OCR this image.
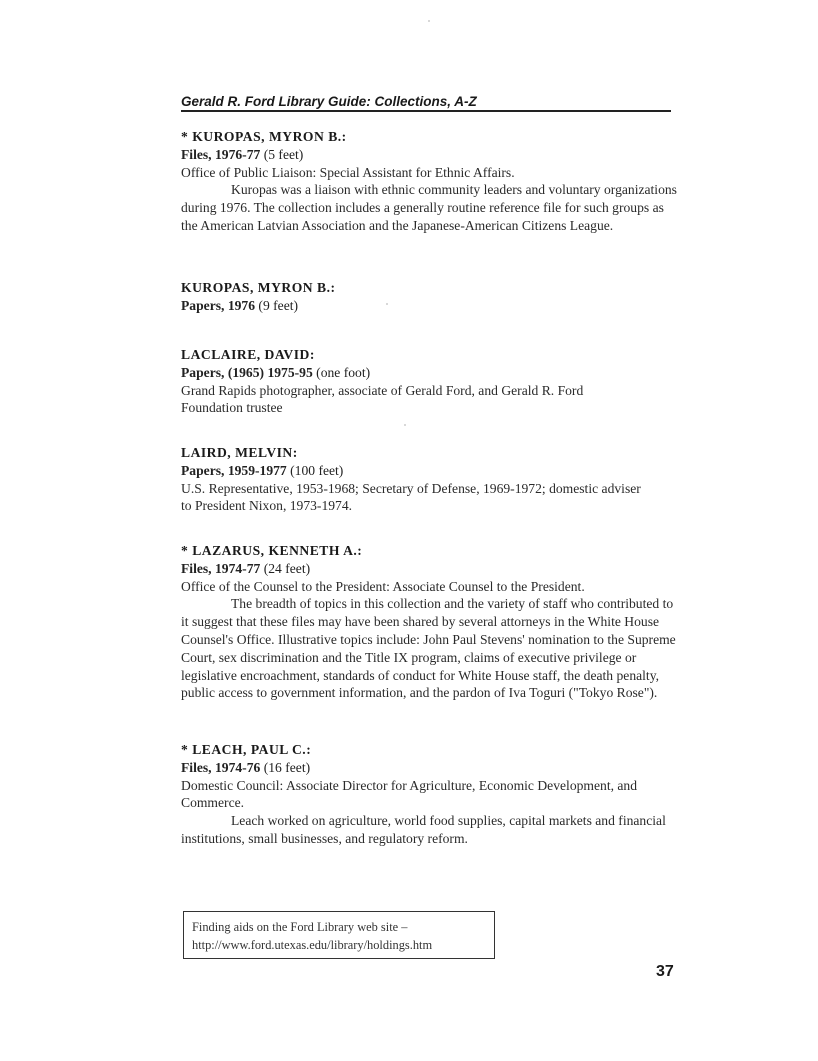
Gerald R. Ford Library Guide: Collections, A-Z
* KUROPAS, MYRON B.:
Files, 1976-77 (5 feet)
Office of Public Liaison: Special Assistant for Ethnic Affairs.
Kuropas was a liaison with ethnic community leaders and voluntary organizations during 1976. The collection includes a generally routine reference file for such groups as the American Latvian Association and the Japanese-American Citizens League.
KUROPAS, MYRON B.:
Papers, 1976 (9 feet)
LACLAIRE, DAVID:
Papers, (1965) 1975-95 (one foot)
Grand Rapids photographer, associate of Gerald Ford, and Gerald R. Ford Foundation trustee
LAIRD, MELVIN:
Papers, 1959-1977 (100 feet)
U.S. Representative, 1953-1968; Secretary of Defense, 1969-1972; domestic adviser to President Nixon, 1973-1974.
* LAZARUS, KENNETH A.:
Files, 1974-77 (24 feet)
Office of the Counsel to the President: Associate Counsel to the President.
The breadth of topics in this collection and the variety of staff who contributed to it suggest that these files may have been shared by several attorneys in the White House Counsel's Office. Illustrative topics include: John Paul Stevens' nomination to the Supreme Court, sex discrimination and the Title IX program, claims of executive privilege or legislative encroachment, standards of conduct for White House staff, the death penalty, public access to government information, and the pardon of Iva Toguri ("Tokyo Rose").
* LEACH, PAUL C.:
Files, 1974-76 (16 feet)
Domestic Council: Associate Director for Agriculture, Economic Development, and Commerce.
Leach worked on agriculture, world food supplies, capital markets and financial institutions, small businesses, and regulatory reform.
Finding aids on the Ford Library web site –
http://www.ford.utexas.edu/library/holdings.htm
37
